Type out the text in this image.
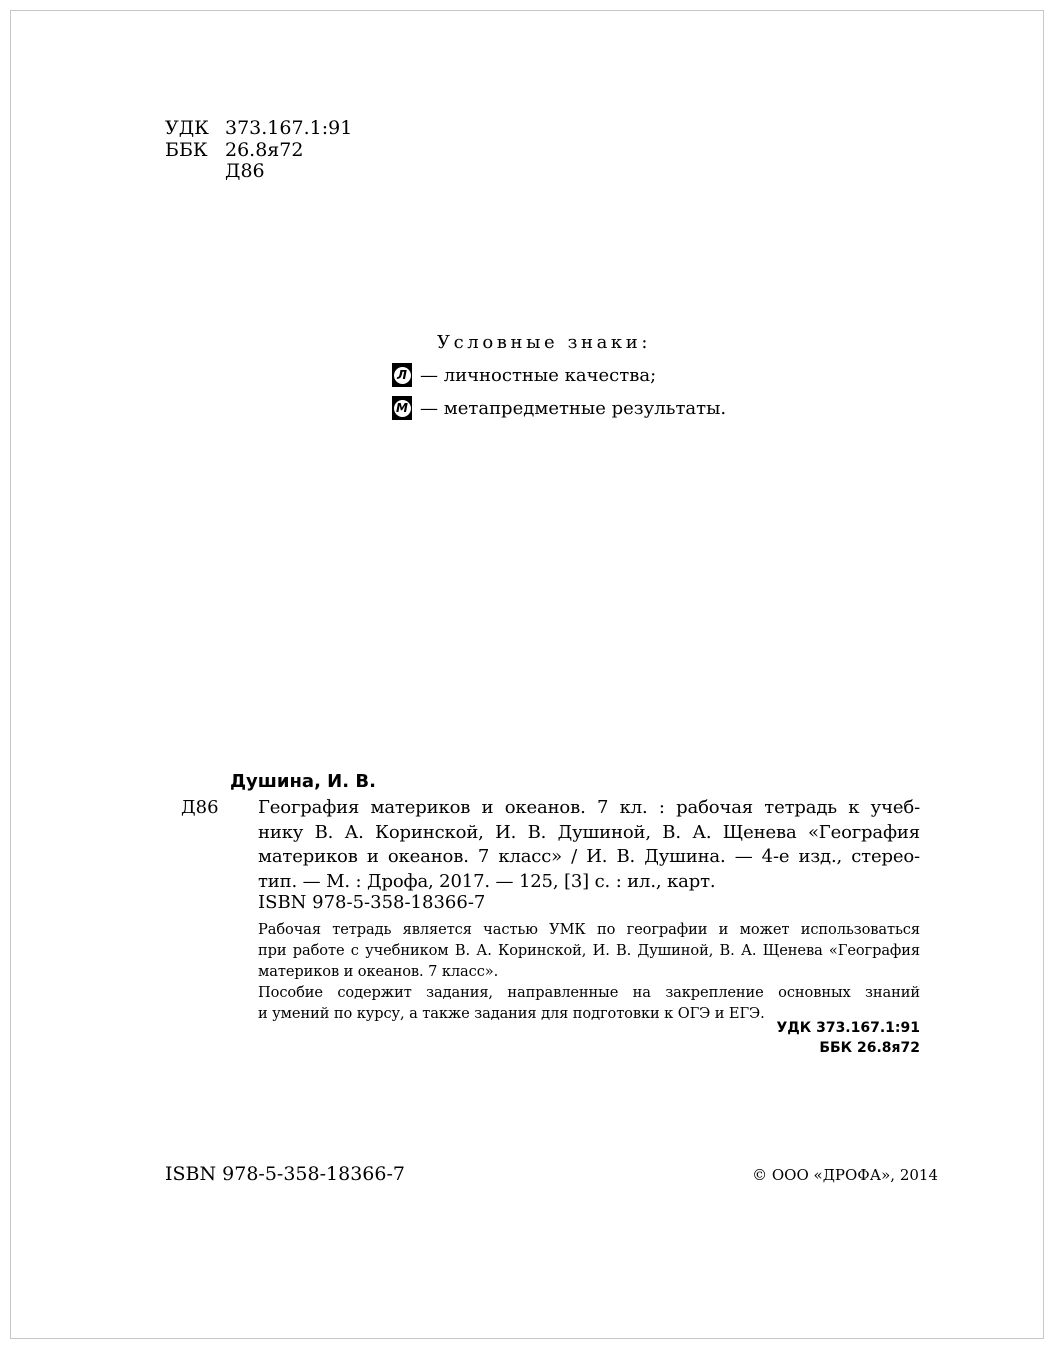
УДК 373.167.1:91
ББК 26.8я72
Д86
Условные знаки:
Л — личностные качества;
М — метапредметные результаты.
Душина, И. В.
Д86 География материков и океанов. 7 кл. : рабочая тетрадь к учеб-
нику В. А. Коринской, И. В. Душиной, В. А. Щенева «География
материков и океанов. 7 класс» / И. В. Душина. — 4-е изд., стерео-
тип. — М. : Дрофа, 2017. — 125, [3] с. : ил., карт.
ISBN 978-5-358-18366-7
Рабочая тетрадь является частью УМК по географии и может использоваться
при работе с учебником В. А. Коринской, И. В. Душиной, В. А. Щенева «География
материков и океанов. 7 класс».
Пособие содержит задания, направленные на закрепление основных знаний
и умений по курсу, а также задания для подготовки к ОГЭ и ЕГЭ.
УДК 373.167.1:91
ББК 26.8я72
ISBN 978-5-358-18366-7	© ООО «ДРОФА», 2014
